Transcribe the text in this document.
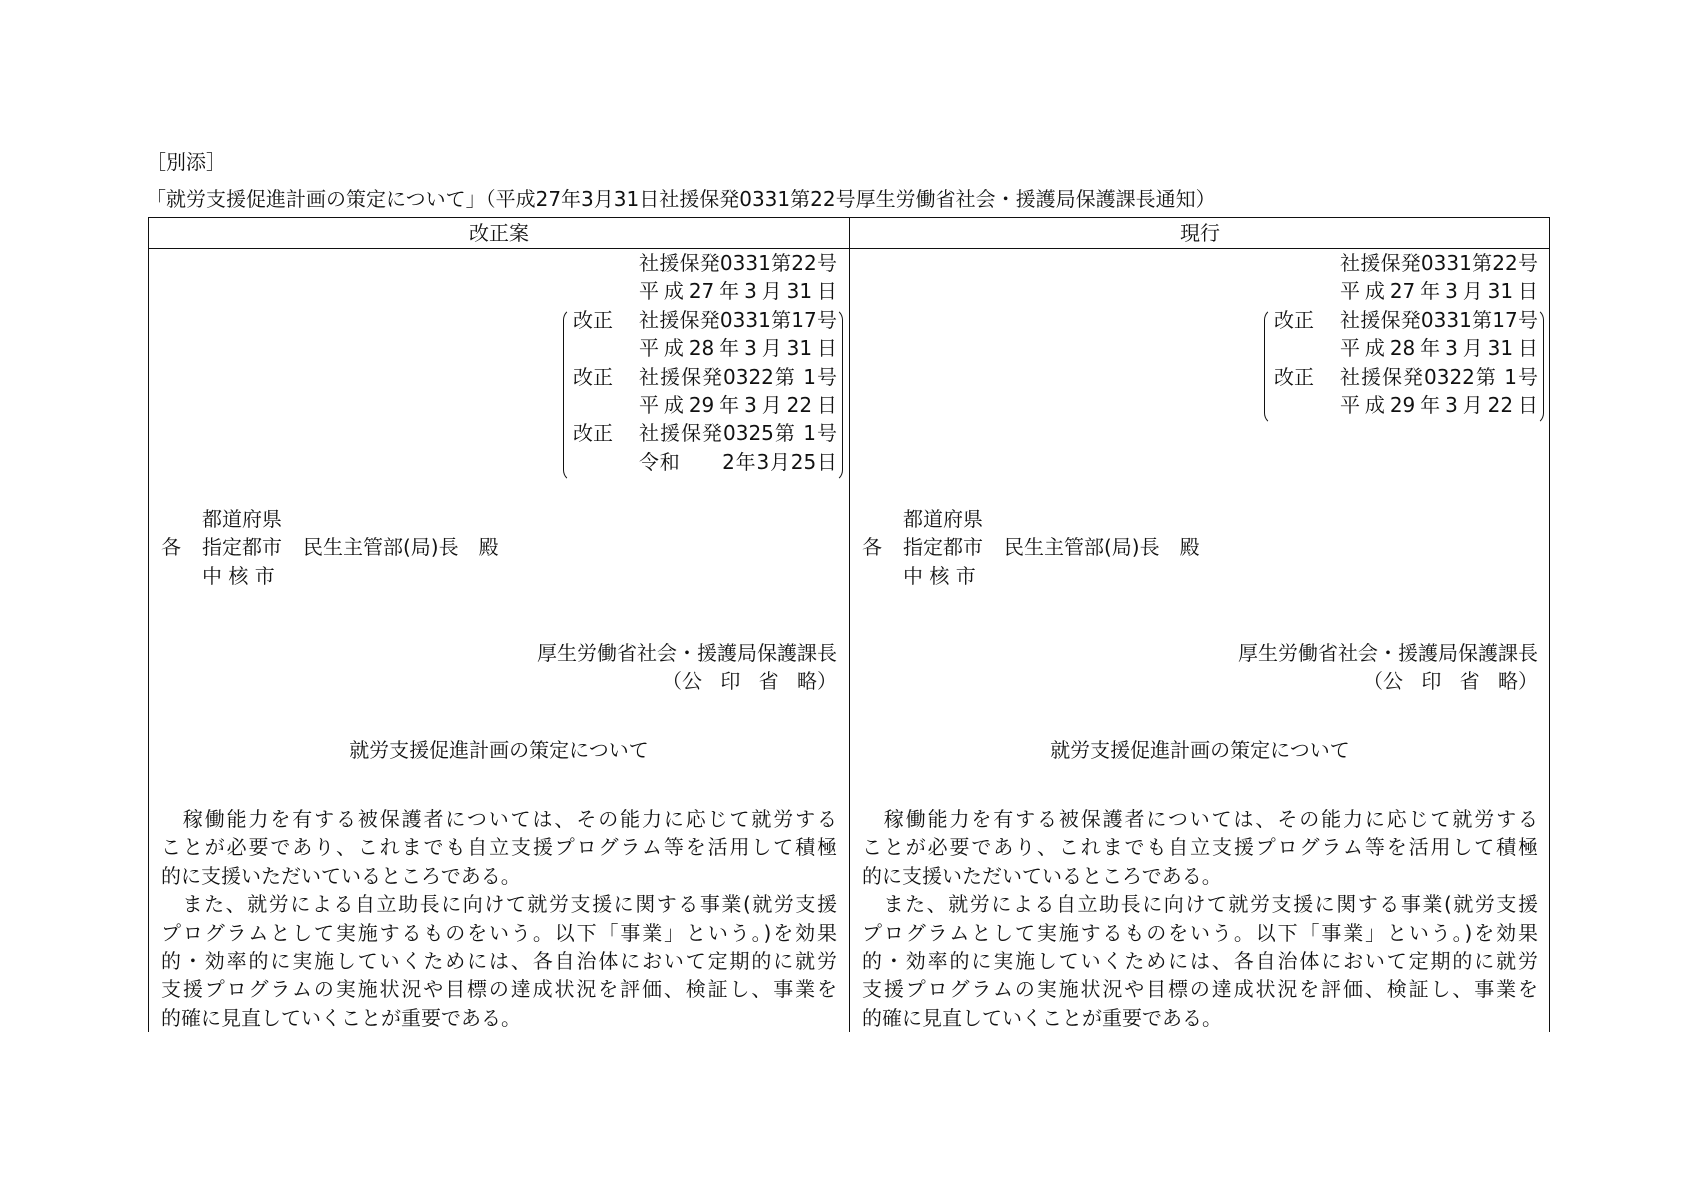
［別添］
「就労支援促進計画の策定について」（平成27年3月31日社援保発0331第22号厚生労働省社会・援護局保護課長通知）
改正案
社援保発0331第22号
平成27年3月31日
改正	社援保発0331第17号
平成28年3月31日
改正	社援保発0322第 1号
平成29年3月22日
改正	社援保発0325第 1号
令和　　2年3月25日
都道府県
各 指定都市 民生主管部(局)長　殿
中 核 市
厚生労働省社会・援護局保護課長
（公 印 省 略）
就労支援促進計画の策定について
　稼働能力を有する被保護者については、その能力に応じて就労する
ことが必要であり、これまでも自立支援プログラム等を活用して積極
的に支援いただいているところである。
　また、就労による自立助長に向けて就労支援に関する事業(就労支援
プログラムとして実施するものをいう。以下「事業」という。)を効果
的・効率的に実施していくためには、各自治体において定期的に就労
支援プログラムの実施状況や目標の達成状況を評価、検証し、事業を
的確に見直していくことが重要である。
現行
社援保発0331第22号
平成27年3月31日
改正	社援保発0331第17号
平成28年3月31日
改正	社援保発0322第 1号
平成29年3月22日
都道府県
各 指定都市 民生主管部(局)長　殿
中 核 市
厚生労働省社会・援護局保護課長
（公 印 省 略）
就労支援促進計画の策定について
　稼働能力を有する被保護者については、その能力に応じて就労する
ことが必要であり、これまでも自立支援プログラム等を活用して積極
的に支援いただいているところである。
　また、就労による自立助長に向けて就労支援に関する事業(就労支援
プログラムとして実施するものをいう。以下「事業」という。)を効果
的・効率的に実施していくためには、各自治体において定期的に就労
支援プログラムの実施状況や目標の達成状況を評価、検証し、事業を
的確に見直していくことが重要である。
